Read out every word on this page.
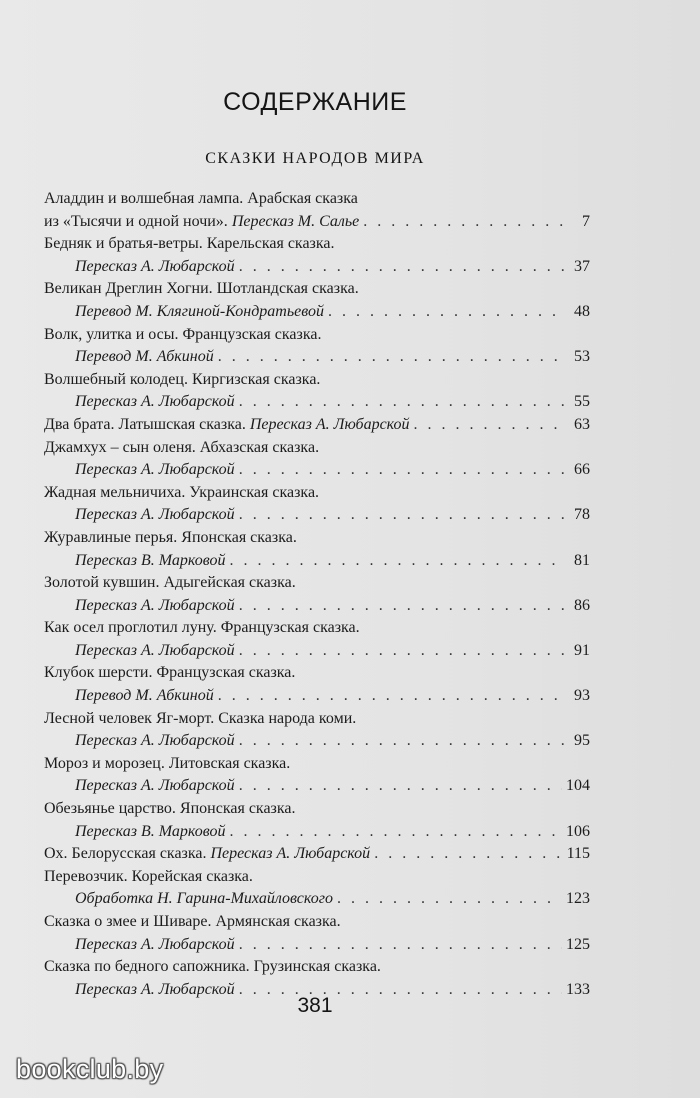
СОДЕРЖАНИЕ
СКАЗКИ НАРОДОВ МИРА
Аладдин и волшебная лампа. Арабская сказка
из «Тысячи и одной ночи». Пересказ М. Салье . . .	7
Бедняк и братья-ветры. Карельская сказка.
Пересказ А. Любарской . . .	37
Великан Дреглин Хогни. Шотландская сказка.
Перевод М. Клягиной-Кондратьевой . . .	48
Волк, улитка и осы. Французская сказка.
Перевод М. Абкиной . . .	53
Волшебный колодец. Киргизская сказка.
Пересказ А. Любарской . . .	55
Два брата. Латышская сказка. Пересказ А. Любарской . . .	63
Джамхух – сын оленя. Абхазская сказка.
Пересказ А. Любарской . . .	66
Жадная мельничиха. Украинская сказка.
Пересказ А. Любарской . . .	78
Журавлиные перья. Японская сказка.
Пересказ В. Марковой . . .	81
Золотой кувшин. Адыгейская сказка.
Пересказ А. Любарской . . .	86
Как осел проглотил луну. Французская сказка.
Пересказ А. Любарской . . .	91
Клубок шерсти. Французская сказка.
Перевод М. Абкиной . . .	93
Лесной человек Яг-морт. Сказка народа коми.
Пересказ А. Любарской . . .	95
Мороз и морозец. Литовская сказка.
Пересказ А. Любарской . . .	104
Обезьянье царство. Японская сказка.
Пересказ В. Марковой . . .	106
Ох. Белорусская сказка. Пересказ А. Любарской . . .	115
Перевозчик. Корейская сказка.
Обработка Н. Гарина-Михайловского . . .	123
Сказка о змее и Шиваре. Армянская сказка.
Пересказ А. Любарской . . .	125
Сказка по бедного сапожника. Грузинская сказка.
Пересказ А. Любарской . . .	133
381
bookclub.by
